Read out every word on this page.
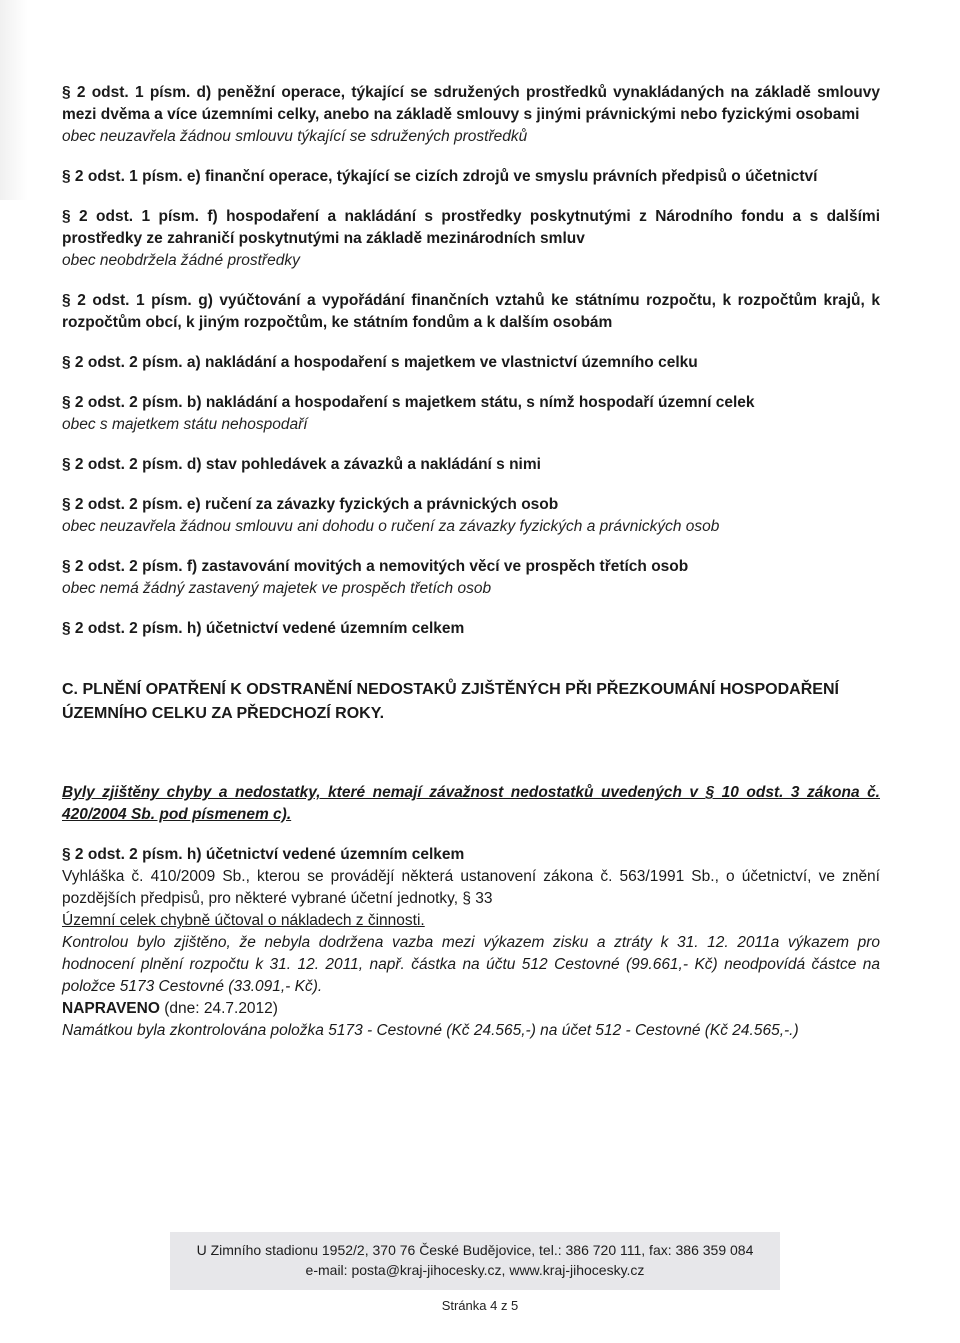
§ 2 odst. 1 písm. d) peněžní operace, týkající se sdružených prostředků vynakládaných na základě smlouvy mezi dvěma a více územními celky, anebo na základě smlouvy s jinými právnickými nebo fyzickými osobami
obec neuzavřela žádnou smlouvu týkající se sdružených prostředků
§ 2 odst. 1 písm. e) finanční operace, týkající se cizích zdrojů ve smyslu právních předpisů o účetnictví
§ 2 odst. 1 písm. f) hospodaření a nakládání s prostředky poskytnutými z Národního fondu a s dalšími prostředky ze zahraničí poskytnutými na základě mezinárodních smluv
obec neobdržela žádné prostředky
§ 2 odst. 1 písm. g) vyúčtování a vypořádání finančních vztahů ke státnímu rozpočtu, k rozpočtům krajů, k rozpočtům obcí, k jiným rozpočtům, ke státním fondům a k dalším osobám
§ 2 odst. 2 písm. a) nakládání a hospodaření s majetkem ve vlastnictví územního celku
§ 2 odst. 2 písm. b) nakládání a hospodaření s majetkem státu, s nímž hospodaří územní celek
obec s majetkem státu nehospodaří
§ 2 odst. 2 písm. d) stav pohledávek a závazků a nakládání s nimi
§ 2 odst. 2 písm. e) ručení za závazky fyzických a právnických osob
obec neuzavřela žádnou smlouvu ani dohodu o ručení za závazky fyzických a právnických osob
§ 2 odst. 2 písm. f) zastavování movitých a nemovitých věcí ve prospěch třetích osob
obec nemá žádný zastavený majetek ve prospěch třetích osob
§ 2 odst. 2 písm. h) účetnictví vedené územním celkem
C. PLNĚNÍ OPATŘENÍ K ODSTRANĚNÍ NEDOSTAKŮ ZJIŠTĚNÝCH PŘI PŘEZKOUMÁNÍ HOSPODAŘENÍ ÚZEMNÍHO CELKU ZA PŘEDCHOZÍ ROKY.
Byly zjištěny chyby a nedostatky, které nemají závažnost nedostatků uvedených v § 10 odst. 3 zákona č. 420/2004 Sb. pod písmenem c).
§ 2 odst. 2 písm. h) účetnictví vedené územním celkem
Vyhláška č. 410/2009 Sb., kterou se provádějí některá ustanovení zákona č. 563/1991 Sb., o účetnictví, ve znění pozdějších předpisů, pro některé vybrané účetní jednotky, § 33
Územní celek chybně účtoval o nákladech z činnosti.
Kontrolou bylo zjištěno, že nebyla dodržena vazba mezi výkazem zisku a ztráty k 31. 12. 2011a výkazem pro hodnocení plnění rozpočtu k 31. 12. 2011, např. částka na účtu 512 Cestovné (99.661,- Kč) neodpovídá částce na položce 5173 Cestovné (33.091,- Kč).
NAPRAVENO (dne: 24.7.2012)
Namátkou byla zkontrolována položka 5173 - Cestovné (Kč 24.565,-) na účet 512 - Cestovné (Kč 24.565,-.)
U Zimního stadionu 1952/2, 370 76 České Budějovice, tel.: 386 720 111, fax: 386 359 084
e-mail: posta@kraj-jihocesky.cz, www.kraj-jihocesky.cz
Stránka 4 z 5
